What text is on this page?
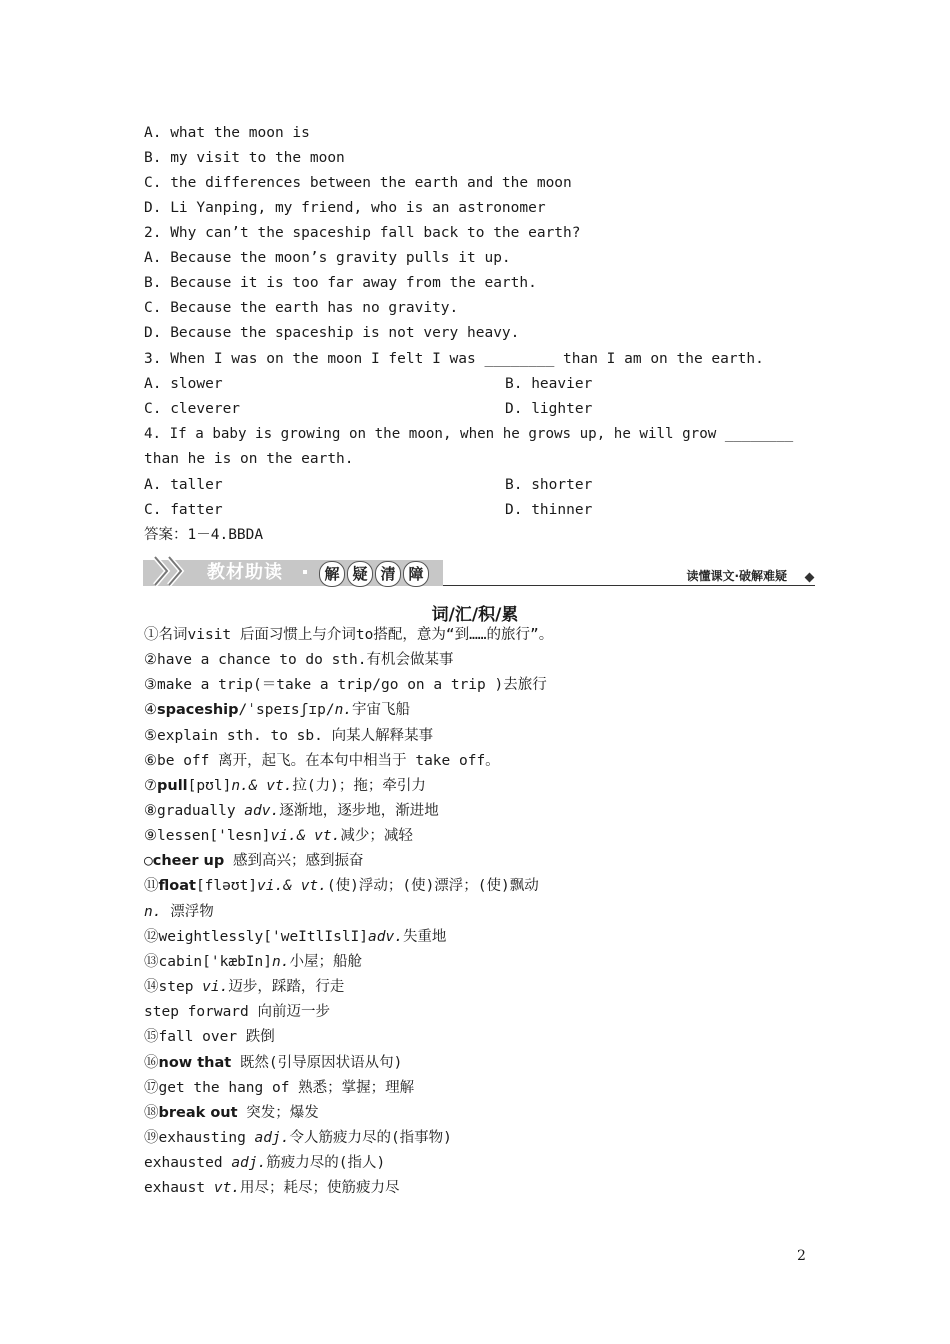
A. what the moon is
B. my visit to the moon
C. the differences between the earth and the moon
D. Li Yanping, my friend, who is an astronomer
2. Why can’t the spaceship fall back to the earth?
A. Because the moon’s gravity pulls it up.
B. Because it is too far away from the earth.
C. Because the earth has no gravity.
D. Because the spaceship is not very heavy.
3. When I was on the moon I felt I was ________ than I am on the earth.
A. slower	B. heavier
C. cleverer	D. lighter
4. If a baby is growing on the moon, when he grows up, he will grow ________
than he is on the earth.
A. taller	B. shorter
C. fatter	D. thinner
答案：1－4.BBDA
教材助读	解 疑 清 障	读懂课文·破解难疑
词/汇/积/累
①名词visit 后面习惯上与介词to搭配，意为“到……的旅行”。
②have a chance to do sth.有机会做某事
③make a trip(＝take a trip/go on a trip )去旅行
④spaceship/ˈspeɪsʃɪp/n.宇宙飞船
⑤explain sth. to sb. 向某人解释某事
⑥be off 离开，起飞。在本句中相当于 take off。
⑦pull[pʊl]n.& vt.拉(力)；拖；牵引力
⑧gradually adv.逐渐地，逐步地，渐进地
⑨lessen['lesn]vi.& vt.减少；减轻
○cheer up 感到高兴；感到振奋
⑪float[fləʊt]vi.& vt.(使)浮动；(使)漂浮；(使)飘动
n. 漂浮物
⑫weightlessly['weItlIslI]adv.失重地
⑬cabin['kæbIn]n.小屋；船舱
⑭step vi.迈步，踩踏，行走
step forward 向前迈一步
⑮fall over 跌倒
⑯now that 既然(引导原因状语从句)
⑰get the hang of 熟悉；掌握；理解
⑱break out 突发；爆发
⑲exhausting adj.令人筋疲力尽的(指事物)
exhausted adj.筋疲力尽的(指人)
exhaust vt.用尽；耗尽；使筋疲力尽
2
